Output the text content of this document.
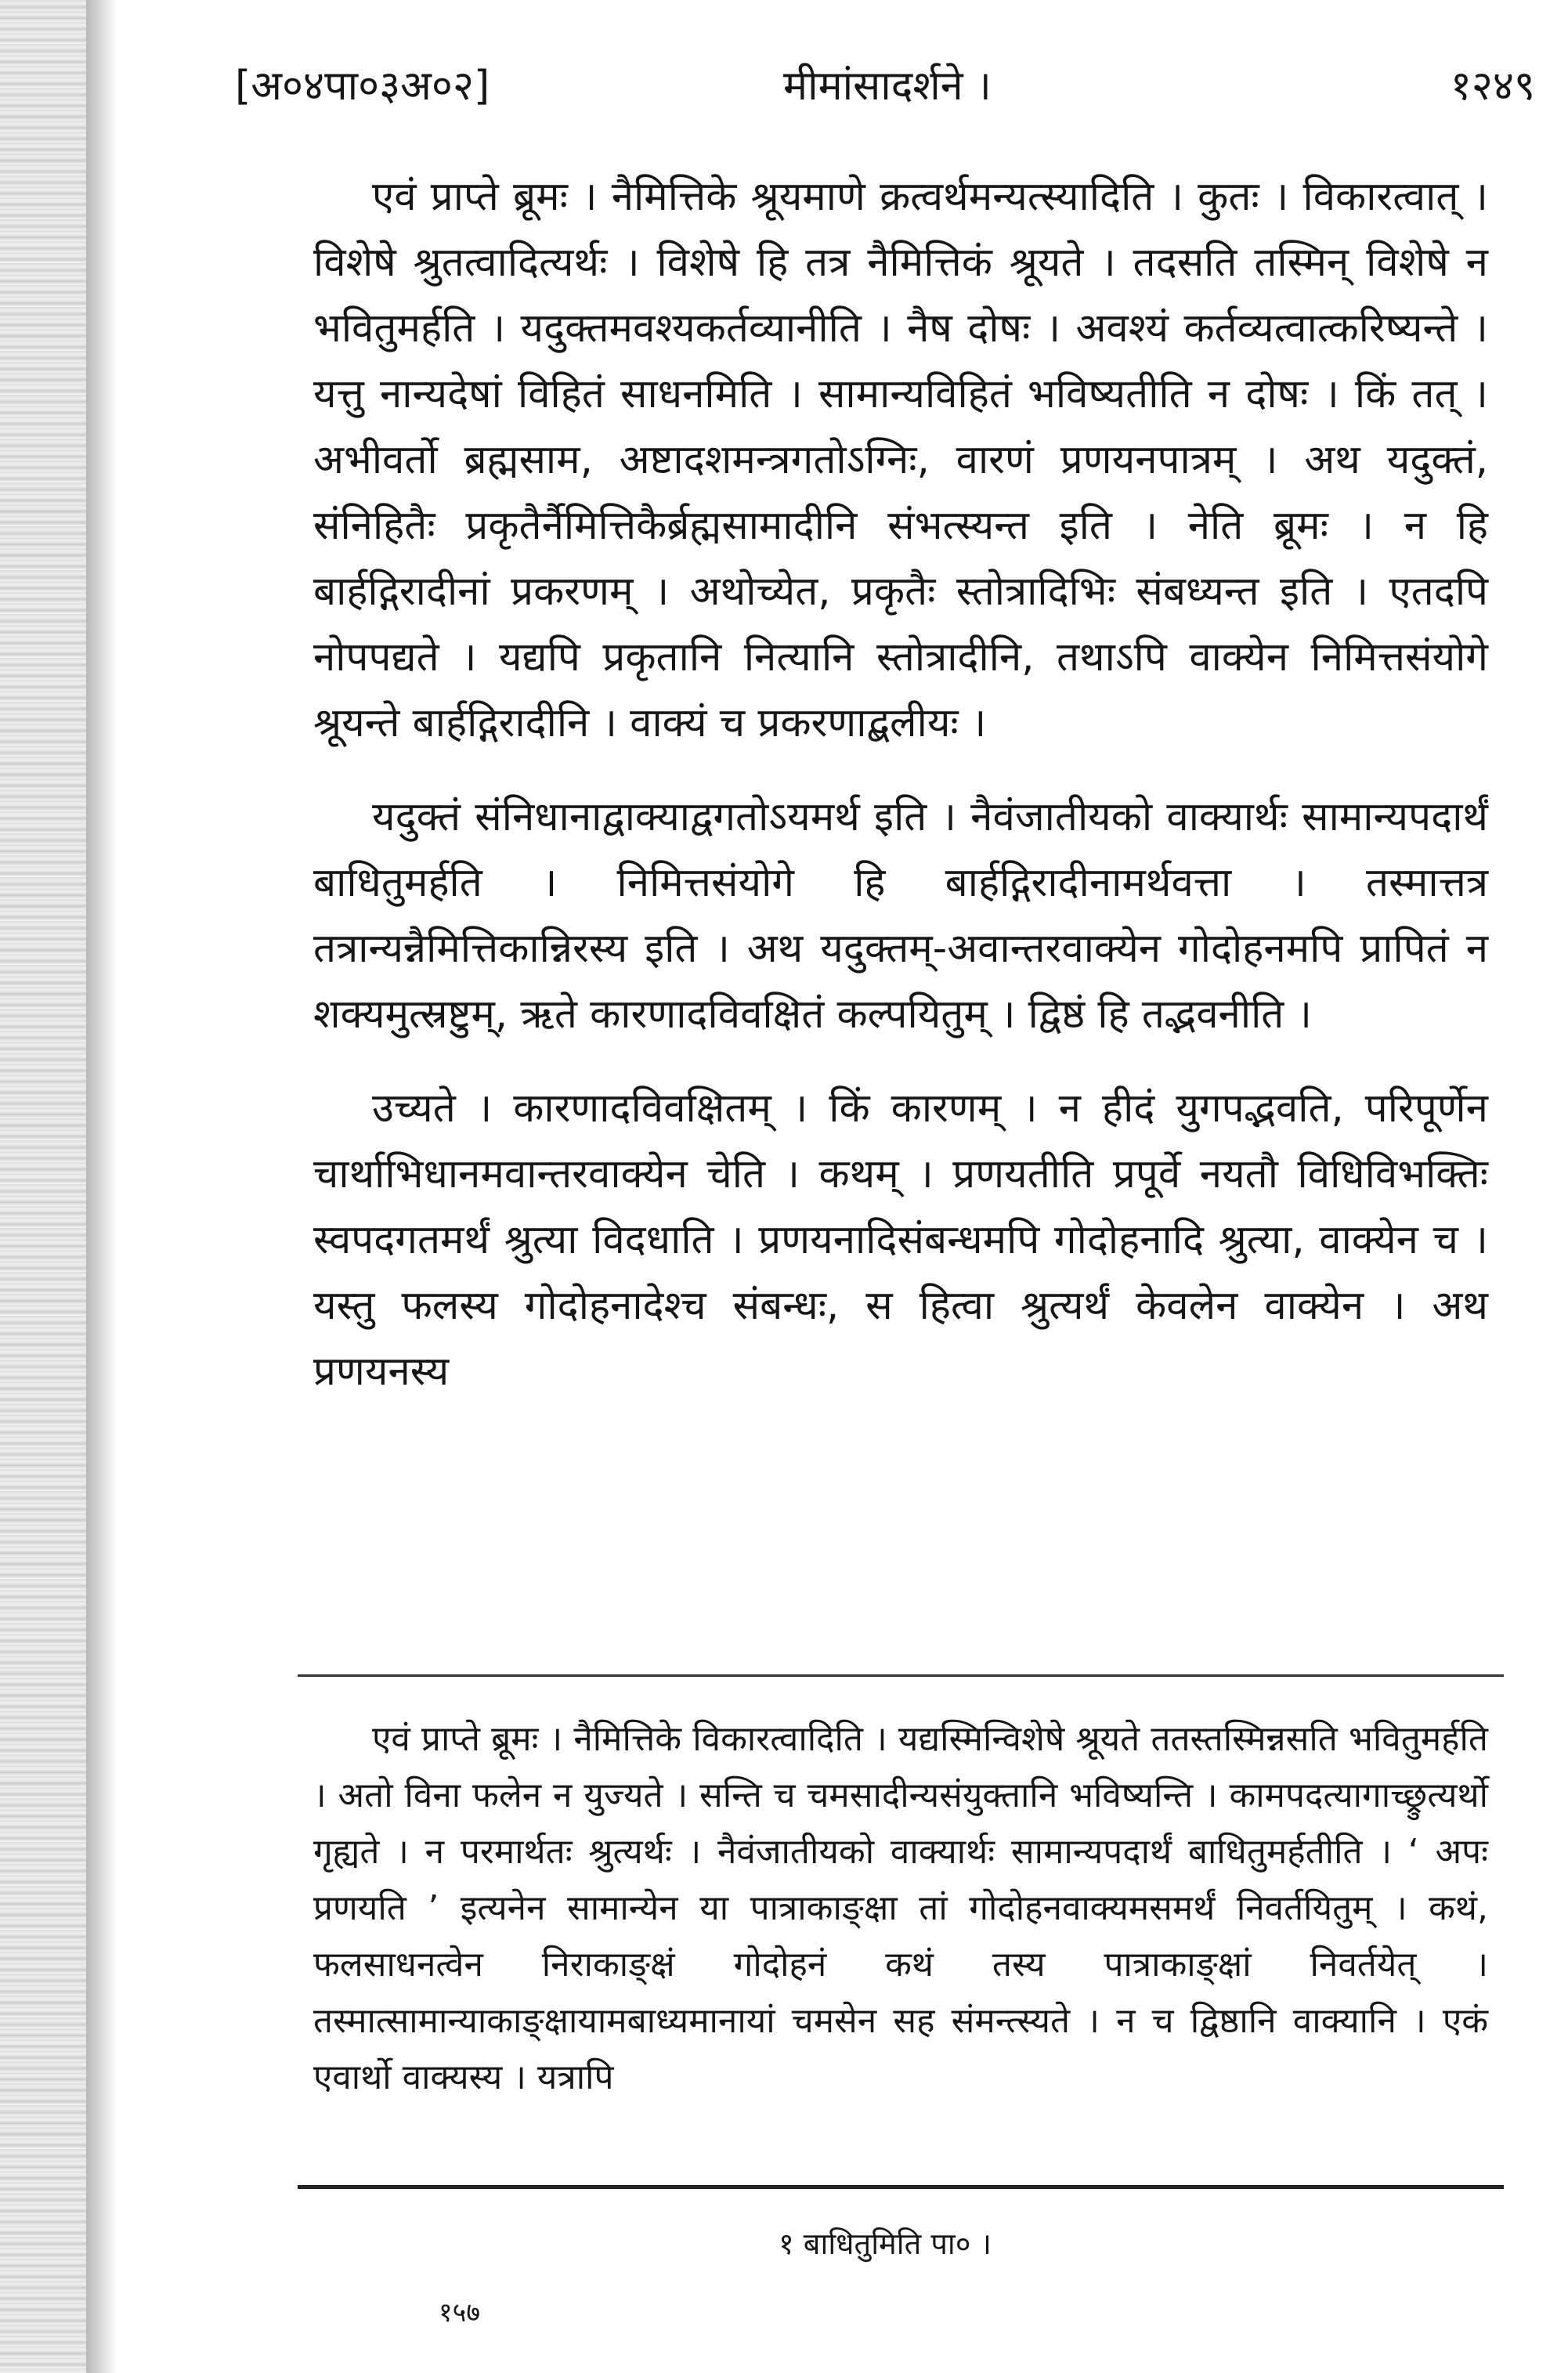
[अ०४पा०३अ०२]	मीमांसादर्शने ।	१२४९

एवं प्राप्ते ब्रूमः । नैमित्तिके श्रूयमाणे क्रत्वर्थमन्यत्स्यादिति । कुतः । विकारत्वात् । विशेषे श्रुतत्वादित्यर्थः । विशेषे हि तत्र नैमित्तिकं श्रूयते । तदसति तस्मिन् विशेषे न भवितुमर्हति । यदुक्तमवश्यकर्तव्यानीति । नैष दोषः । अवश्यं कर्तव्यत्वात्करिष्यन्ते । यत्तु नान्यदेषां विहितं साधनमिति । सामान्यविहितं भविष्यतीति न दोषः । किं तत् । अभीवर्तो ब्रह्मसाम, अष्टादशमन्त्रगतोऽग्निः, वारणं प्रणयनपात्रम् । अथ यदुक्तं, संनिहितैः प्रकृतैर्नैमित्तिकैर्ब्रह्मसामादीनि संभत्स्यन्त इति । नेति ब्रूमः । न हि बार्हद्गिरादीनां प्रकरणम् । अथोच्येत, प्रकृतैः स्तोत्रादिभिः संबध्यन्त इति । एतदपि नोपपद्यते । यद्यपि प्रकृतानि नित्यानि स्तोत्रादीनि, तथाऽपि वाक्येन निमित्तसंयोगे श्रूयन्ते बार्हद्गिरादीनि । वाक्यं च प्रकरणाद्बलीयः ।

यदुक्तं संनिधानाद्वाक्याद्वगतोऽयमर्थ इति । नैवंजातीयको वाक्यार्थः सामान्यपदार्थं बाधितुमर्हति । निमित्तसंयोगे हि बार्हद्गिरादीनामर्थवत्ता । तस्मात्तत्र तत्रान्यन्नैमित्तिकान्निरस्य इति । अथ यदुक्तम्-अवान्तरवाक्येन गोदोहनमपि प्रापितं न शक्यमुत्स्रष्टुम्, ऋते कारणादविवक्षितं कल्पयितुम् । द्विष्ठं हि तद्भवनीति ।

उच्यते । कारणादविवक्षितम् । किं कारणम् । न हीदं युगपद्भवति, परिपूर्णेन चार्थाभिधानमवान्तरवाक्येन चेति । कथम् । प्रणयतीति प्रपूर्वे नयतौ विधिविभक्तिः स्वपदगतमर्थं श्रुत्या विदधाति । प्रणयनादिसंबन्धमपि गोदोहनादि श्रुत्या, वाक्येन च । यस्तु फलस्य गोदोहनादेश्च संबन्धः, स हित्वा श्रुत्यर्थं केवलेन वाक्येन । अथ प्रणयनस्य

एवं प्राप्ते ब्रूमः । नैमित्तिके विकारत्वादिति । यद्यस्मिन्विशेषे श्रूयते ततस्तस्मिन्नसति भवितुमर्हति । अतो विना फलेन न युज्यते । सन्ति च चमसादीन्यसंयुक्तानि भविष्यन्ति । कामपदत्यागाच्छ्रुत्यर्थो गृह्यते । न परमार्थतः श्रुत्यर्थः । नैवंजातीयको वाक्यार्थः सामान्यपदार्थं बाधितुमर्हतीति । ‘ अपः प्रणयति ’ इत्यनेन सामान्येन या पात्राकाङ्क्षा तां गोदोहनवाक्यमसमर्थं निवर्तयितुम् । कथं, फलसाधनत्वेन निराकाङ्क्षं गोदोहनं कथं तस्य पात्राकाङ्क्षां निवर्तयेत् । तस्मात्सामान्याकाङ्क्षायामबाध्यमानायां चमसेन सह संमन्त्स्यते । न च द्विष्ठानि वाक्यानि । एकं एवार्थो वाक्यस्य । यत्रापि

१ बाधितुमिति पा० ।
१५७
